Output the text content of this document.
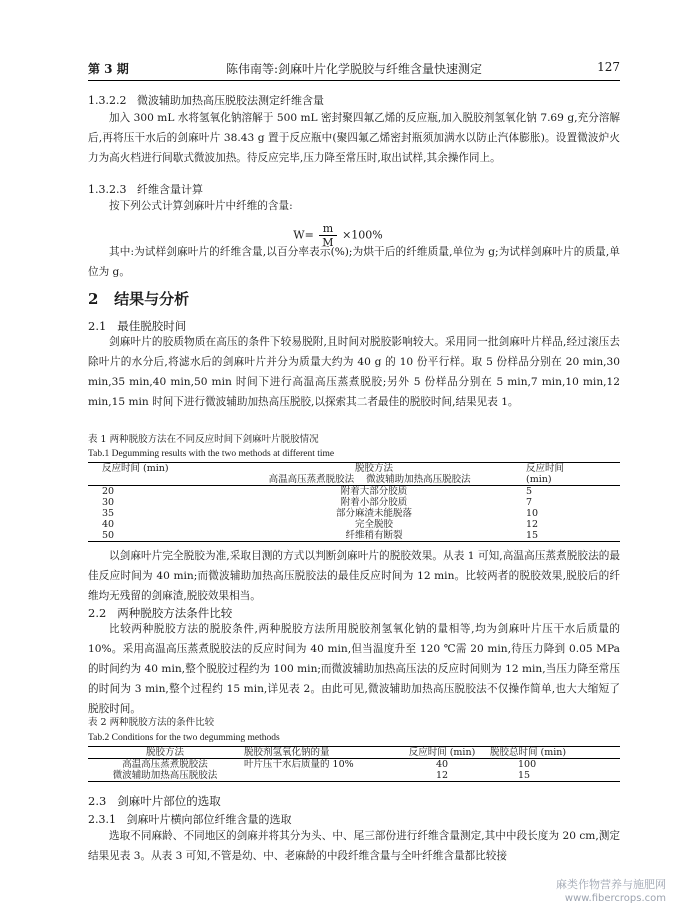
第 3 期	陈伟南等:剑麻叶片化学脱胶与纤维含量快速测定	127
1.3.2.2 微波辅助加热高压脱胶法测定纤维含量
加入 300 mL 水将氢氧化钠溶解于 500 mL 密封聚四氟乙烯的反应瓶,加入脱胶剂氢氧化钠 7.69 g,充分溶解后,再将压干水后的剑麻叶片 38.43 g 置于反应瓶中(聚四氟乙烯密封瓶须加满水以防止汽体膨胀)。设置微波炉火力为高火档进行间歇式微波加热。待反应完毕,压力降至常压时,取出试样,其余操作同上。
1.3.2.3 纤维含量计算
按下列公式计算剑麻叶片中纤维的含量:
$W= \frac{m}{M} \times 100\%$
其中:为试样剑麻叶片的纤维含量,以百分率表示(%);为烘干后的纤维质量,单位为 g;为试样剑麻叶片的质量,单位为 g。
2 结果与分析
2.1 最佳脱胶时间
剑麻叶片的胶质物质在高压的条件下较易脱附,且时间对脱胶影响较大。采用同一批剑麻叶片样品,经过滚压去除叶片的水分后,将滤水后的剑麻叶片并分为质量大约为 40 g 的 10 份平行样。取 5 份样品分别在 20 min,30 min,35 min,40 min,50 min 时间下进行高温高压蒸煮脱胶;另外 5 份样品分别在 5 min,7 min,10 min,12 min,15 min 时间下进行微波辅助加热高压脱胶,以探索其二者最佳的脱胶时间,结果见表 1。
表 1 两种脱胶方法在不同反应时间下剑麻叶片脱胶情况
Tab.1 Degumming results with the two methods at different time
反应时间 (min)	脱胶方法		反应时间
	高温高压蒸煮脱胶法	微波辅助加热高压脱胶法	(min)
20	附着大部分胶质		5
30	附着小部分胶质		7
35	部分麻渣未能脱落		10
40	完全脱胶		12
50	纤维稍有断裂		15
以剑麻叶片完全脱胶为准,采取目测的方式以判断剑麻叶片的脱胶效果。从表 1 可知,高温高压蒸煮脱胶法的最佳反应时间为 40 min;而微波辅助加热高压脱胶法的最佳反应时间为 12 min。比较两者的脱胶效果,脱胶后的纤维均无残留的剑麻渣,脱胶效果相当。
2.2 两种脱胶方法条件比较
比较两种脱胶方法的脱胶条件,两种脱胶方法所用脱胶剂氢氧化钠的量相等,均为剑麻叶片压干水后质量的 10%。采用高温高压蒸煮脱胶法的反应时间为 40 min,但当温度升至 120 ℃需 20 min,待压力降到 0.05 MPa 的时间约为 40 min,整个脱胶过程约为 100 min;而微波辅助加热高压法的反应时间则为 12 min,当压力降至常压的时间为 3 min,整个过程约 15 min,详见表 2。由此可见,微波辅助加热高压脱胶法不仅操作简单,也大大缩短了脱胶时间。
表 2 两种脱胶方法的条件比较
Tab.2 Conditions for the two degumming methods
脱胶方法	脱胶剂氢氧化钠的量	反应时间 (min)	脱胶总时间 (min)
高温高压蒸煮脱胶法	叶片压干水后质量的 10%	40	100
微波辅助加热高压脱胶法		12	15
2.3 剑麻叶片部位的选取
2.3.1 剑麻叶片横向部位纤维含量的选取
选取不同麻龄、不同地区的剑麻并将其分为头、中、尾三部份进行纤维含量测定,其中中段长度为 20 cm,测定结果见表 3。从表 3 可知,不管是幼、中、老麻龄的中段纤维含量与全叶纤维含量都比较接
麻类作物营养与施肥网
www.fibercrops.com
